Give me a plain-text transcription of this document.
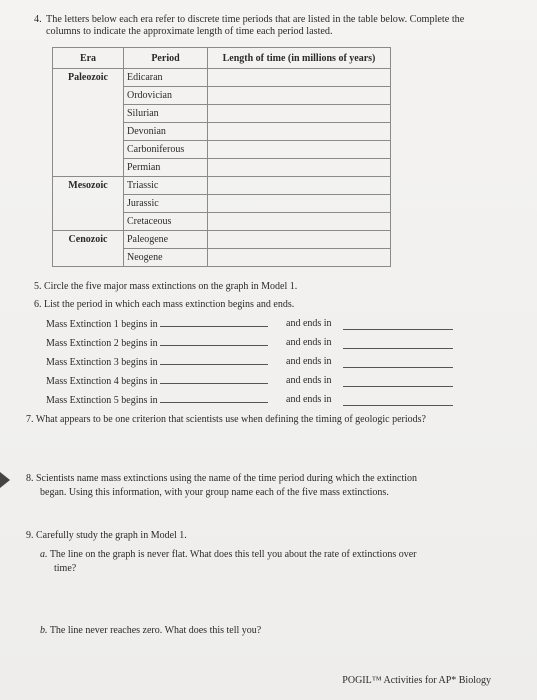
4. The letters below each era refer to discrete time periods that are listed in the table below. Complete the columns to indicate the approximate length of time each period lasted.
Era	Period	Length of time (in millions of years)
Paleozoic	Edicaran	
	Ordovician	
	Silurian	
	Devonian	
	Carboniferous	
	Permian	
Mesozoic	Triassic	
	Jurassic	
	Cretaceous	
Cenozoic	Paleogene	
	Neogene	
5. Circle the five major mass extinctions on the graph in Model 1.
6. List the period in which each mass extinction begins and ends.
Mass Extinction 1 begins in	and ends in
Mass Extinction 2 begins in	and ends in
Mass Extinction 3 begins in	and ends in
Mass Extinction 4 begins in	and ends in
Mass Extinction 5 begins in	and ends in
7. What appears to be one criterion that scientists use when defining the timing of geologic periods?
8. Scientists name mass extinctions using the name of the time period during which the extinction
began. Using this information, with your group name each of the five mass extinctions.
9. Carefully study the graph in Model 1.
a. The line on the graph is never flat. What does this tell you about the rate of extinctions over
time?
b. The line never reaches zero. What does this tell you?
POGIL™ Activities for AP* Biology
